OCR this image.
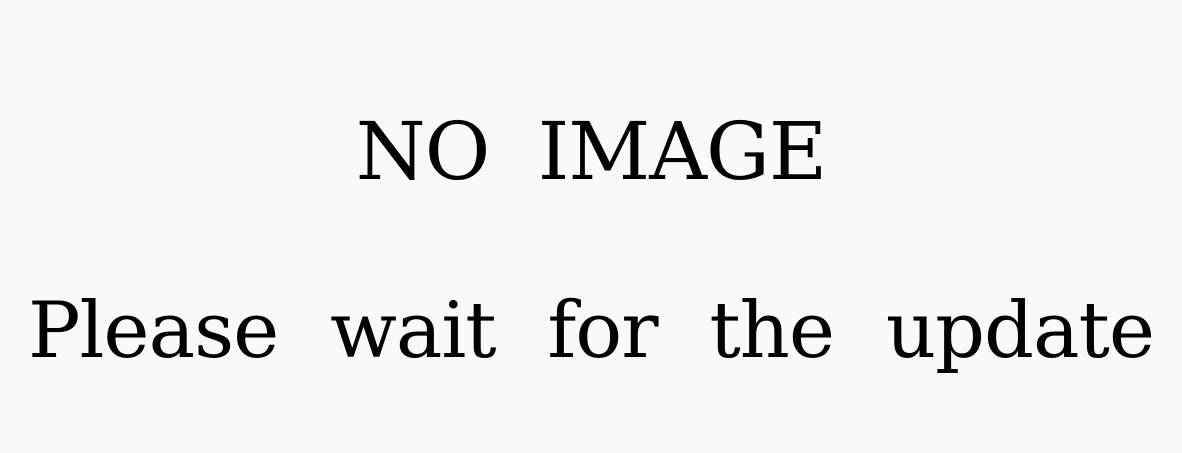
NO IMAGE
Please wait for the update
